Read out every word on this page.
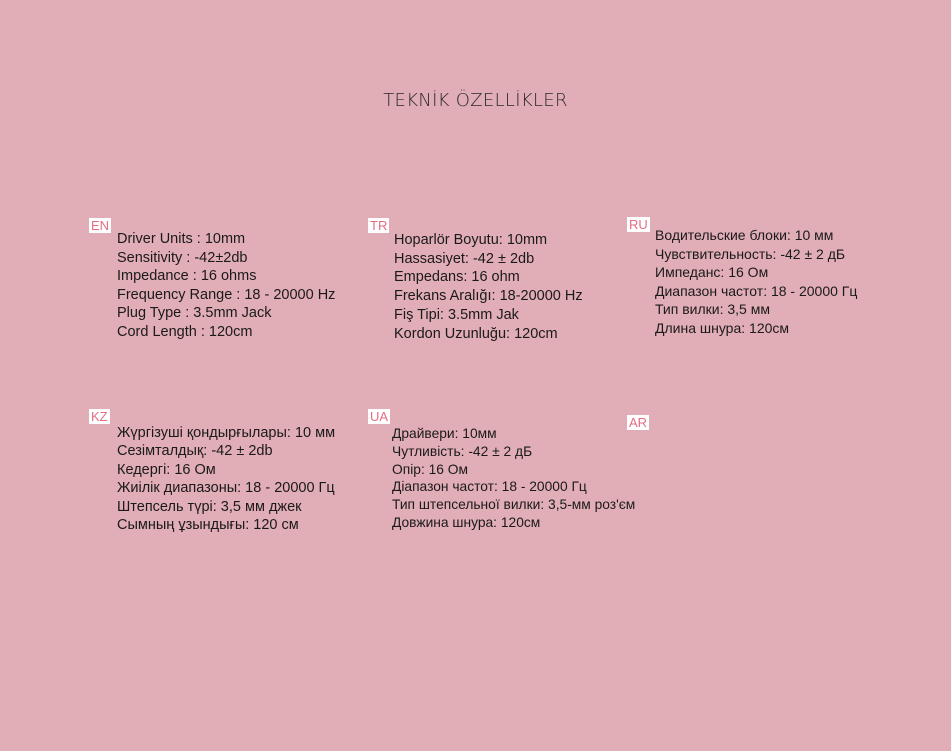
TEKNİK ÖZELLİKLER
EN
Driver Units : 10mm
Sensitivity : -42±2db
Impedance : 16 ohms
Frequency Range : 18 - 20000 Hz
Plug Type : 3.5mm Jack
Cord Length : 120cm
TR
Hoparlör Boyutu: 10mm
Hassasiyet: -42 ± 2db
Empedans: 16 ohm
Frekans Aralığı: 18-20000 Hz
Fiş Tipi: 3.5mm Jak
Kordon Uzunluğu: 120cm
RU
Водительские блоки: 10 мм
Чувствительность: -42 ± 2 дБ
Импеданс: 16 Ом
Диапазон частот: 18 - 20000 Гц
Тип вилки: 3,5 мм
Длина шнура: 120см
KZ
Жүргізуші қондырғылары: 10 мм
Сезімталдық: -42 ± 2db
Кедергі: 16 Ом
Жиілік диапазоны: 18 - 20000 Гц
Штепсель түрі: 3,5 мм джек
Сымның ұзындығы: 120 см
UA
Драйвери: 10мм
Чутливість: -42 ± 2 дБ
Опір: 16 Ом
Діапазон частот: 18 - 20000 Гц
Тип штепсельної вилки: 3,5-мм роз'єм
Довжина шнура: 120см
AR
